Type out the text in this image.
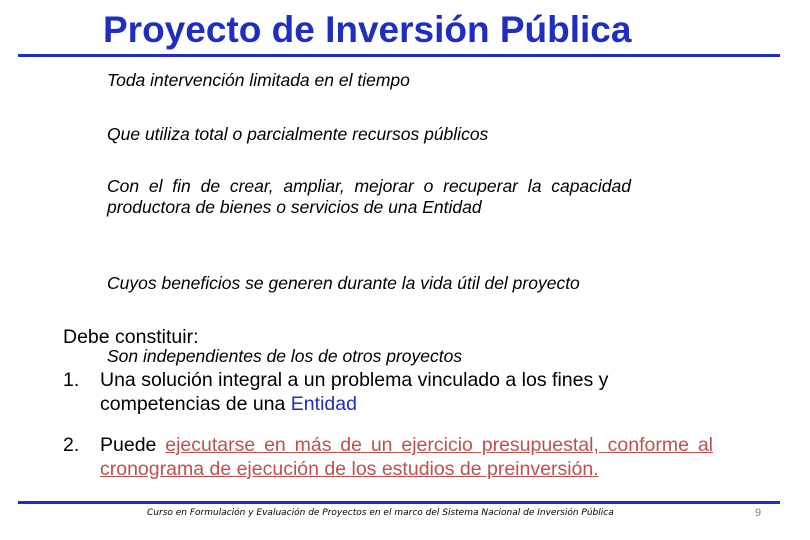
Proyecto de Inversión Pública
Toda intervención limitada en el tiempo
Que utiliza total o parcialmente recursos públicos
Con el fin de crear, ampliar, mejorar o recuperar la capacidad productora de bienes o servicios de una Entidad
Cuyos beneficios se generen durante la vida útil del proyecto
Debe constituir:
Son independientes de los de otros proyectos
1. Una solución integral a un problema vinculado a los fines y competencias de una Entidad
2. Puede ejecutarse en más de un ejercicio presupuestal, conforme al cronograma de ejecución de los estudios de preinversión.
Curso en Formulación y Evaluación de Proyectos en el marco del Sistema Nacional de Inversión Pública	9
